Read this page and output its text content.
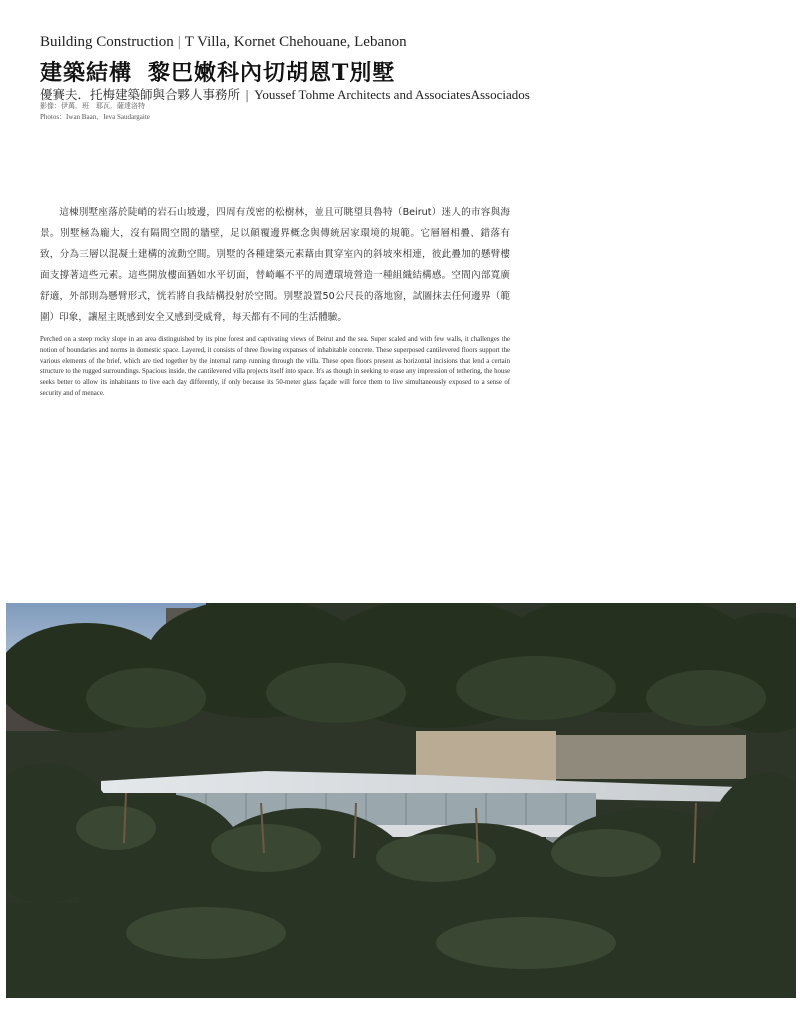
Building Construction | T Villa, Kornet Chehouane, Lebanon
建築結構 黎巴嫩科內切胡恩T別墅
優賽夫．托梅建築師與合夥人事務所 | Youssef Tohme Architects and AssociatesAssociados
影像：伊萬．班　耶瓦．薩達洛特
Photos：Iwan Baan、Ieva Saudargaite

這棟別墅座落於陡峭的岩石山坡邊，四周有茂密的松樹林，並且可眺望貝魯特（Beirut）迷人的市容與海景。別墅極為龐大，沒有隔間空間的牆壁，足以顛覆邊界概念與傳統居家環境的規範。它層層相疊、錯落有致，分為三層以混凝土建構的流動空間。別墅的各種建築元素藉由貫穿室內的斜坡來相連，彼此疊加的懸臂樓面支撐著這些元素。這些開放樓面猶如水平切面，替崎嶇不平的周遭環境營造一種組織結構感。空間內部寬廣舒適，外部則為懸臂形式，恍若將自我結構投射於空間。別墅設置50公尺長的落地窗，試圖抹去任何邊界（範圍）印象，讓屋主既感到安全又感到受威脅，每天都有不同的生活體驗。

Perched on a steep rocky slope in an area distinguished by its pine forest and captivating views of Beirut and the sea. Super scaled and with few walls, it challenges the notion of boundaries and norms in domestic space. Layered, it consists of three flowing expanses of inhabitable concrete. These superposed cantilevered floors support the various elements of the brief, which are tied together by the internal ramp running through the villa. These open floors present as horizontal incisions that lend a certain structure to the rugged surroundings. Spacious inside, the cantilevered villa projects itself into space. It's as though in seeking to erase any impression of tethering, the house seeks better to allow its inhabitants to live each day differently, if only because its 50-meter glass façade will force them to live simultaneously exposed to a sense of security and of menace.
